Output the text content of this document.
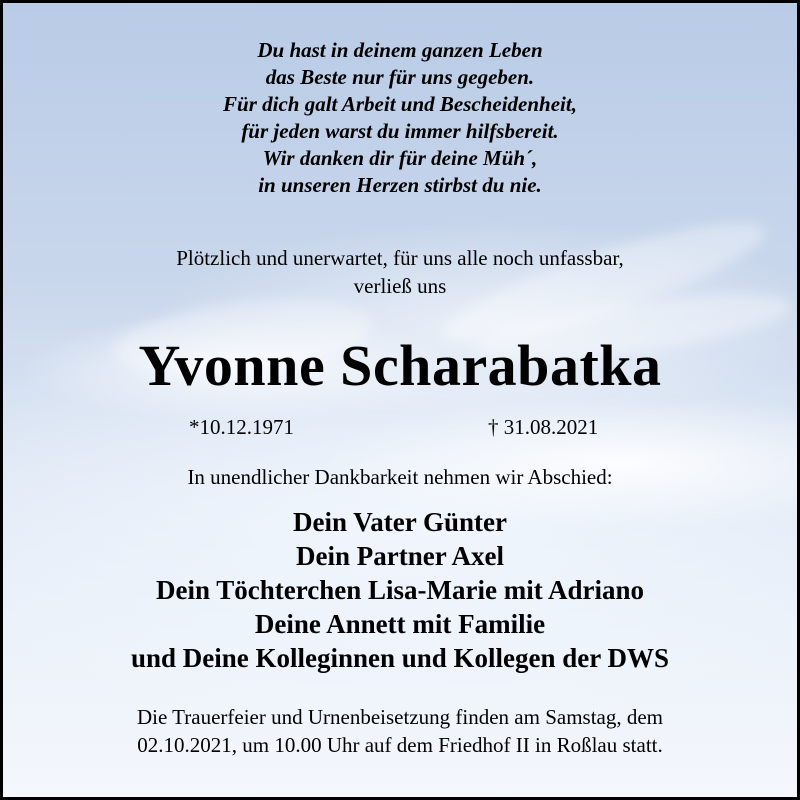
Du hast in deinem ganzen Leben
das Beste nur für uns gegeben.
Für dich galt Arbeit und Bescheidenheit,
für jeden warst du immer hilfsbereit.
Wir danken dir für deine Müh´,
in unseren Herzen stirbst du nie.
Plötzlich und unerwartet, für uns alle noch unfassbar,
verließ uns
Yvonne Scharabatka
*10.12.1971	† 31.08.2021
In unendlicher Dankbarkeit nehmen wir Abschied:
Dein Vater Günter
Dein Partner Axel
Dein Töchterchen Lisa-Marie mit Adriano
Deine Annett mit Familie
und Deine Kolleginnen und Kollegen der DWS
Die Trauerfeier und Urnenbeisetzung finden am Samstag, dem
02.10.2021, um 10.00 Uhr auf dem Friedhof II in Roßlau statt.
